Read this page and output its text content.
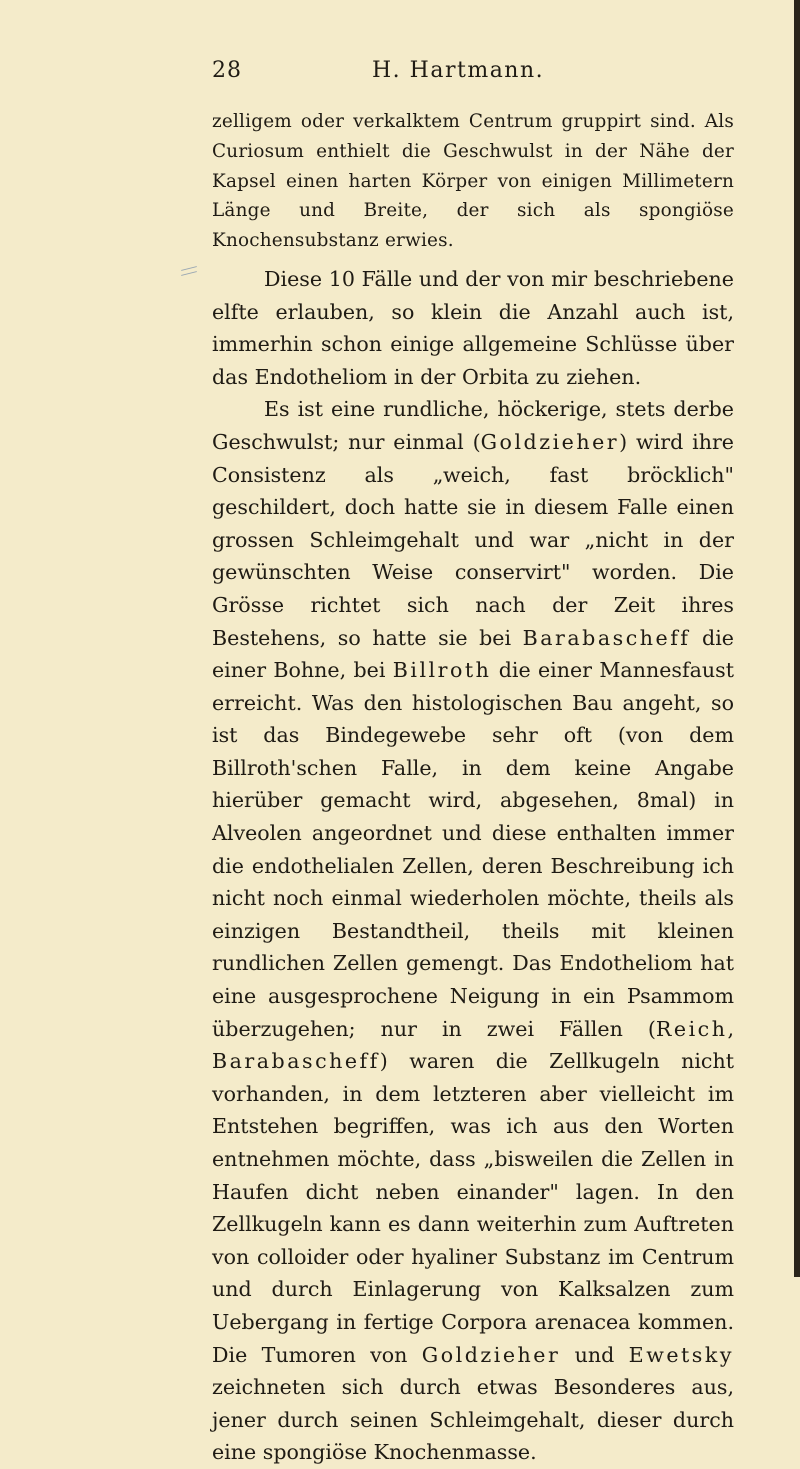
28	H. Hartmann.

zelligem oder verkalktem Centrum gruppirt sind. Als Curiosum enthielt die Geschwulst in der Nähe der Kapsel einen harten Körper von einigen Millimetern Länge und Breite, der sich als spongiöse Knochensubstanz erwies.

Diese 10 Fälle und der von mir beschriebene elfte erlauben, so klein die Anzahl auch ist, immerhin schon einige allgemeine Schlüsse über das Endotheliom in der Orbita zu ziehen.

Es ist eine rundliche, höckerige, stets derbe Geschwulst; nur einmal (Goldzieher) wird ihre Consistenz als „weich, fast bröcklich" geschildert, doch hatte sie in diesem Falle einen grossen Schleimgehalt und war „nicht in der gewünschten Weise conservirt" worden. Die Grösse richtet sich nach der Zeit ihres Bestehens, so hatte sie bei Barabascheff die einer Bohne, bei Billroth die einer Mannesfaust erreicht. Was den histologischen Bau angeht, so ist das Bindegewebe sehr oft (von dem Billroth'schen Falle, in dem keine Angabe hierüber gemacht wird, abgesehen, 8mal) in Alveolen angeordnet und diese enthalten immer die endothelialen Zellen, deren Beschreibung ich nicht noch einmal wiederholen möchte, theils als einzigen Bestandtheil, theils mit kleinen rundlichen Zellen gemengt. Das Endotheliom hat eine ausgesprochene Neigung in ein Psammom überzugehen; nur in zwei Fällen (Reich, Barabascheff) waren die Zellkugeln nicht vorhanden, in dem letzteren aber vielleicht im Entstehen begriffen, was ich aus den Worten entnehmen möchte, dass „bisweilen die Zellen in Haufen dicht neben einander" lagen. In den Zellkugeln kann es dann weiterhin zum Auftreten von colloider oder hyaliner Substanz im Centrum und durch Einlagerung von Kalksalzen zum Uebergang in fertige Corpora arenacea kommen. Die Tumoren von Goldzieher und Ewetsky zeichneten sich durch etwas Besonderes aus, jener durch seinen Schleimgehalt, dieser durch eine spongiöse Knochenmasse.
